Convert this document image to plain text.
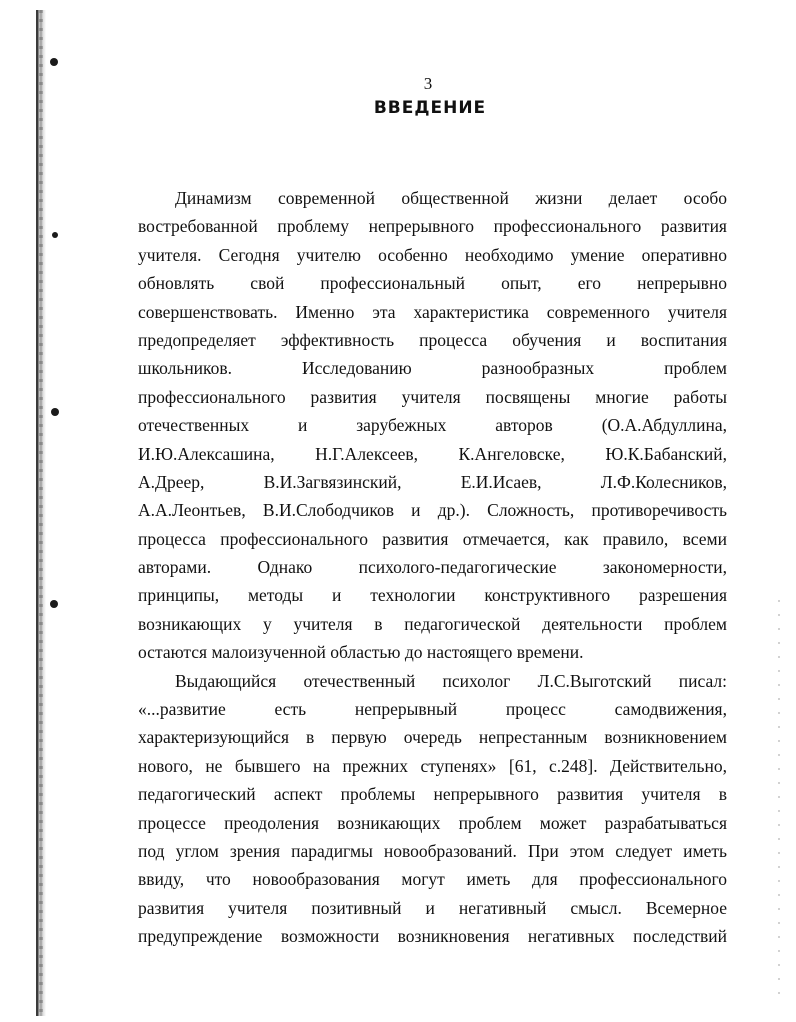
3
ВВЕДЕНИЕ
Динамизм современной общественной жизни делает особо
востребованной проблему непрерывного профессионального развития
учителя. Сегодня учителю особенно необходимо умение оперативно
обновлять свой профессиональный опыт, его непрерывно
совершенствовать. Именно эта характеристика современного учителя
предопределяет эффективность процесса обучения и воспитания
школьников. Исследованию разнообразных проблем
профессионального развития учителя посвящены многие работы
отечественных и зарубежных авторов (О.А.Абдуллина,
И.Ю.Алексашина, Н.Г.Алексеев, К.Ангеловске, Ю.К.Бабанский,
А.Дреер, В.И.Загвязинский, Е.И.Исаев, Л.Ф.Колесников,
А.А.Леонтьев, В.И.Слободчиков и др.). Сложность, противоречивость
процесса профессионального развития отмечается, как правило, всеми
авторами. Однако психолого-педагогические закономерности,
принципы, методы и технологии конструктивного разрешения
возникающих у учителя в педагогической деятельности проблем
остаются малоизученной областью до настоящего времени.
Выдающийся отечественный психолог Л.С.Выготский писал:
«...развитие есть непрерывный процесс самодвижения,
характеризующийся в первую очередь непрестанным возникновением
нового, не бывшего на прежних ступенях» [61, с.248]. Действительно,
педагогический аспект проблемы непрерывного развития учителя в
процессе преодоления возникающих проблем может разрабатываться
под углом зрения парадигмы новообразований. При этом следует иметь
ввиду, что новообразования могут иметь для профессионального
развития учителя позитивный и негативный смысл. Всемерное
предупреждение возможности возникновения негативных последствий
